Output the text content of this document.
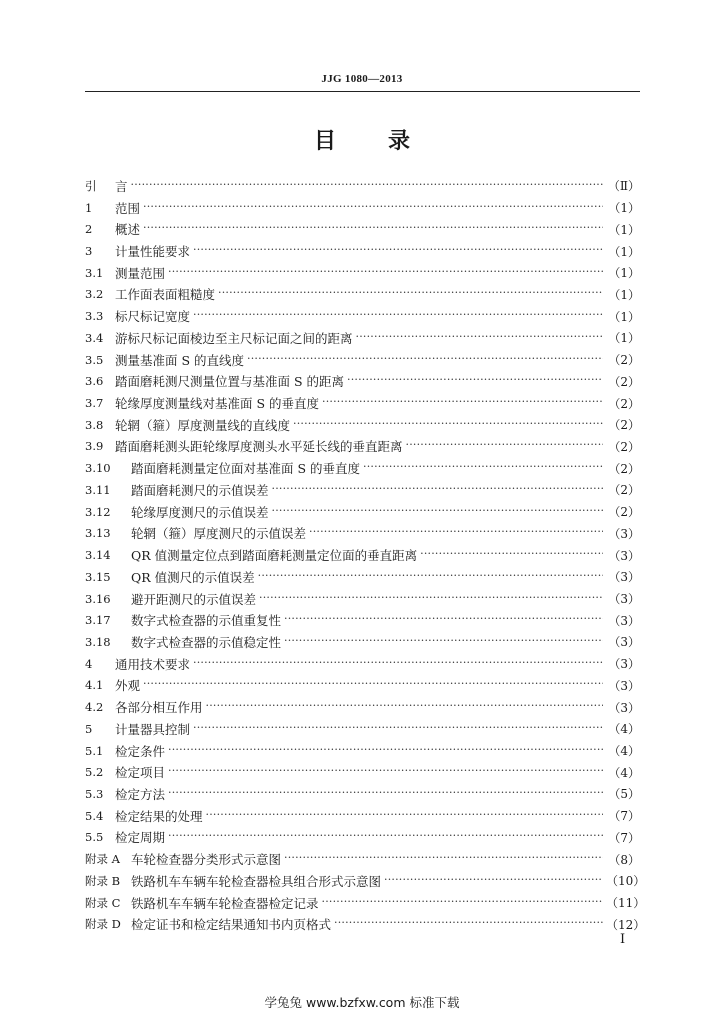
JJG 1080—2013
目 录
引	言 ·····	（Ⅱ）
1	范围 ·····	（1）
2	概述 ·····	（1）
3	计量性能要求 ·····	（1）
3.1 测量范围 ·····	（1）
3.2 工作面表面粗糙度 ·····	（1）
3.3 标尺标记宽度 ·····	（1）
3.4 游标尺标记面棱边至主尺标记面之间的距离 ·····	（1）
3.5 测量基准面 S 的直线度 ·····	（2）
3.6 踏面磨耗测尺测量位置与基准面 S 的距离 ·····	（2）
3.7 轮缘厚度测量线对基准面 S 的垂直度 ·····	（2）
3.8 轮辋（箍）厚度测量线的直线度 ·····	（2）
3.9 踏面磨耗测头距轮缘厚度测头水平延长线的垂直距离 ·····	（2）
3.10	踏面磨耗测量定位面对基准面 S 的垂直度 ·····	（2）
3.11	踏面磨耗测尺的示值误差 ·····	（2）
3.12	轮缘厚度测尺的示值误差 ·····	（2）
3.13	轮辋（箍）厚度测尺的示值误差 ·····	（3）
3.14	QR 值测量定位点到踏面磨耗测量定位面的垂直距离 ·····	（3）
3.15	QR 值测尺的示值误差 ·····	（3）
3.16	避开距测尺的示值误差 ·····	（3）
3.17	数字式检查器的示值重复性 ·····	（3）
3.18	数字式检查器的示值稳定性 ·····	（3）
4	通用技术要求 ·····	（3）
4.1 外观 ·····	（3）
4.2 各部分相互作用 ·····	（3）
5	计量器具控制 ·····	（4）
5.1 检定条件 ·····	（4）
5.2 检定项目 ·····	（4）
5.3 检定方法 ·····	（5）
5.4 检定结果的处理 ·····	（7）
5.5 检定周期 ·····	（7）
附录 A 车轮检查器分类形式示意图 ·····	（8）
附录 B 铁路机车车辆车轮检查器检具组合形式示意图 ·····	（10）
附录 C 铁路机车车辆车轮检查器检定记录 ·····	（11）
附录 D 检定证书和检定结果通知书内页格式 ·····	（12）
I
学兔兔 www.bzfxw.com 标准下载
